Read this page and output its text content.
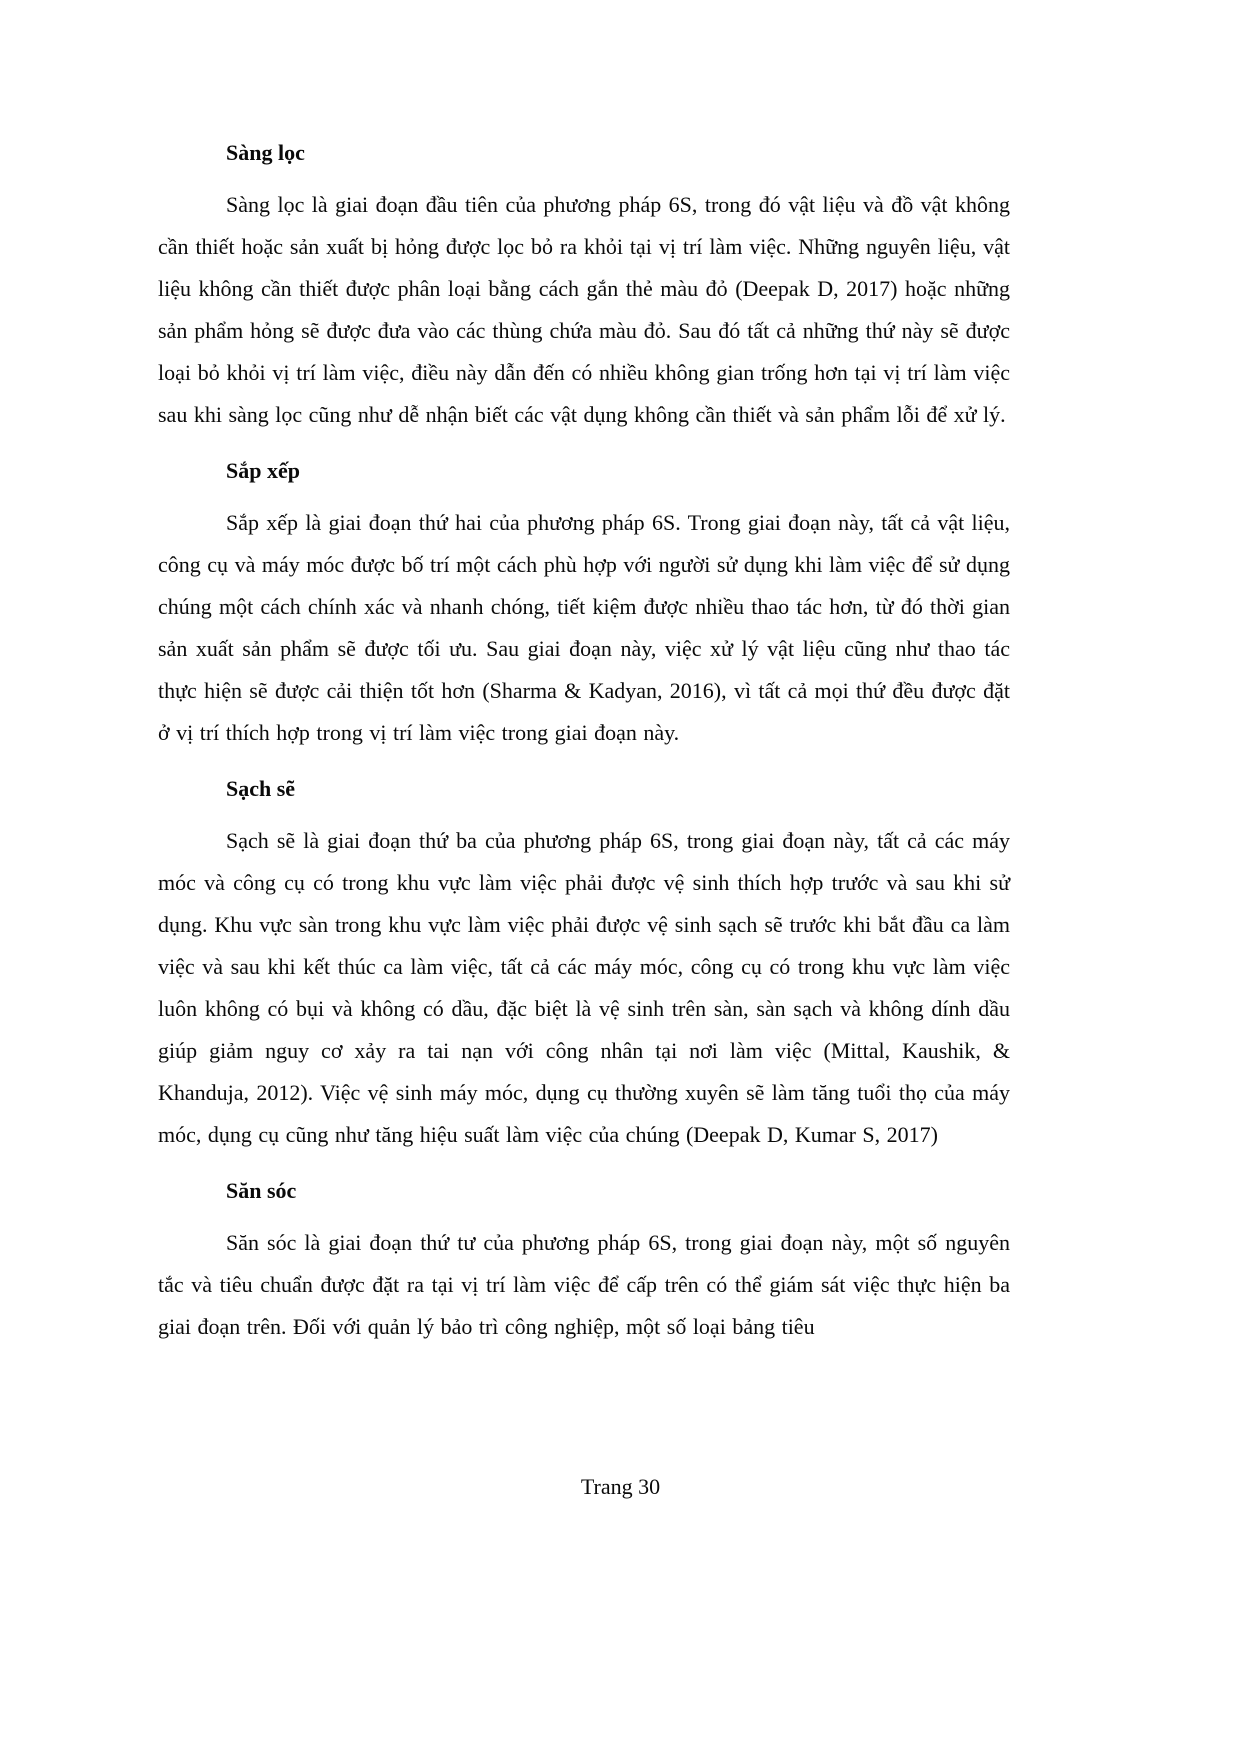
Sàng lọc

Sàng lọc là giai đoạn đầu tiên của phương pháp 6S, trong đó vật liệu và đồ vật không cần thiết hoặc sản xuất bị hỏng được lọc bỏ ra khỏi tại vị trí làm việc. Những nguyên liệu, vật liệu không cần thiết được phân loại bằng cách gắn thẻ màu đỏ (Deepak D, 2017) hoặc những sản phẩm hỏng sẽ được đưa vào các thùng chứa màu đỏ. Sau đó tất cả những thứ này sẽ được loại bỏ khỏi vị trí làm việc, điều này dẫn đến có nhiều không gian trống hơn tại vị trí làm việc sau khi sàng lọc cũng như dễ nhận biết các vật dụng không cần thiết và sản phẩm lỗi để xử lý.

Sắp xếp

Sắp xếp là giai đoạn thứ hai của phương pháp 6S. Trong giai đoạn này, tất cả vật liệu, công cụ và máy móc được bố trí một cách phù hợp với người sử dụng khi làm việc để sử dụng chúng một cách chính xác và nhanh chóng, tiết kiệm được nhiều thao tác hơn, từ đó thời gian sản xuất sản phẩm sẽ được tối ưu. Sau giai đoạn này, việc xử lý vật liệu cũng như thao tác thực hiện sẽ được cải thiện tốt hơn (Sharma & Kadyan, 2016), vì tất cả mọi thứ đều được đặt ở vị trí thích hợp trong vị trí làm việc trong giai đoạn này.

Sạch sẽ

Sạch sẽ là giai đoạn thứ ba của phương pháp 6S, trong giai đoạn này, tất cả các máy móc và công cụ có trong khu vực làm việc phải được vệ sinh thích hợp trước và sau khi sử dụng. Khu vực sàn trong khu vực làm việc phải được vệ sinh sạch sẽ trước khi bắt đầu ca làm việc và sau khi kết thúc ca làm việc, tất cả các máy móc, công cụ có trong khu vực làm việc luôn không có bụi và không có dầu, đặc biệt là vệ sinh trên sàn, sàn sạch và không dính dầu giúp giảm nguy cơ xảy ra tai nạn với công nhân tại nơi làm việc (Mittal, Kaushik, & Khanduja, 2012). Việc vệ sinh máy móc, dụng cụ thường xuyên sẽ làm tăng tuổi thọ của máy móc, dụng cụ cũng như tăng hiệu suất làm việc của chúng (Deepak D, Kumar S, 2017)

Săn sóc

Săn sóc là giai đoạn thứ tư của phương pháp 6S, trong giai đoạn này, một số nguyên tắc và tiêu chuẩn được đặt ra tại vị trí làm việc để cấp trên có thể giám sát việc thực hiện ba giai đoạn trên. Đối với quản lý bảo trì công nghiệp, một số loại bảng tiêu

Trang 30
